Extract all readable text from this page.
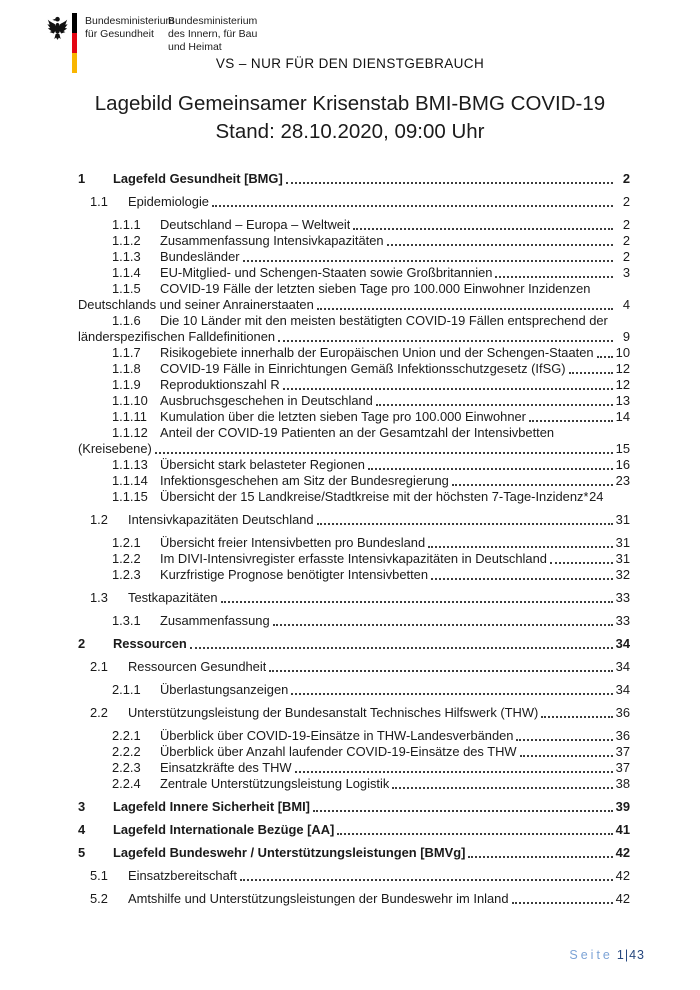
Bundesministerium
für Gesundheit
Bundesministerium
des Innern, für Bau
und Heimat
VS – NUR FÜR DEN DIENSTGEBRAUCH
Lagebild Gemeinsamer Krisenstab BMI-BMG COVID-19
Stand: 28.10.2020, 09:00 Uhr
1	Lagefeld Gesundheit [BMG]	2
1.1	Epidemiologie	2
1.1.1	Deutschland – Europa – Weltweit	2
1.1.2	Zusammenfassung Intensivkapazitäten	2
1.1.3	Bundesländer	2
1.1.4	EU-Mitglied- und Schengen-Staaten sowie Großbritannien	3
1.1.5	COVID-19 Fälle der letzten sieben Tage pro 100.000 Einwohner Inzidenzen
Deutschlands und seiner Anrainerstaaten	4
1.1.6	Die 10 Länder mit den meisten bestätigten COVID-19 Fällen entsprechend der
länderspezifischen Falldefinitionen	9
1.1.7	Risikogebiete innerhalb der Europäischen Union und der Schengen-Staaten 10
1.1.8	COVID-19 Fälle in Einrichtungen Gemäß Infektionsschutzgesetz (IfSG)	12
1.1.9	Reproduktionszahl R	12
1.1.10 Ausbruchsgeschehen in Deutschland	13
1.1.11	Kumulation über die letzten sieben Tage pro 100.000 Einwohner	14
1.1.12 Anteil der COVID-19 Patienten an der Gesamtzahl der Intensivbetten
(Kreisebene)	15
1.1.13 Übersicht stark belasteter Regionen	16
1.1.14 Infektionsgeschehen am Sitz der Bundesregierung	23
1.1.15 Übersicht der 15 Landkreise/Stadtkreise mit der höchsten 7-Tage-Inzidenz* 24
1.2	Intensivkapazitäten Deutschland	31
1.2.1	Übersicht freier Intensivbetten pro Bundesland	31
1.2.2	Im DIVI-Intensivregister erfasste Intensivkapazitäten in Deutschland	31
1.2.3	Kurzfristige Prognose benötigter Intensivbetten	32
1.3	Testkapazitäten	33
1.3.1	Zusammenfassung	33
2	Ressourcen	34
2.1	Ressourcen Gesundheit	34
2.1.1	Überlastungsanzeigen	34
2.2	Unterstützungsleistung der Bundesanstalt Technisches Hilfswerk (THW)	36
2.2.1	Überblick über COVID-19-Einsätze in THW-Landesverbänden	36
2.2.2	Überblick über Anzahl laufender COVID-19-Einsätze des THW	37
2.2.3	Einsatzkräfte des THW	37
2.2.4	Zentrale Unterstützungsleistung Logistik	38
3	Lagefeld Innere Sicherheit [BMI]	39
4	Lagefeld Internationale Bezüge [AA]	41
5	Lagefeld Bundeswehr / Unterstützungsleistungen [BMVg]	42
5.1	Einsatzbereitschaft	42
5.2	Amtshilfe und Unterstützungsleistungen der Bundeswehr im Inland	42
Seite 1|43
